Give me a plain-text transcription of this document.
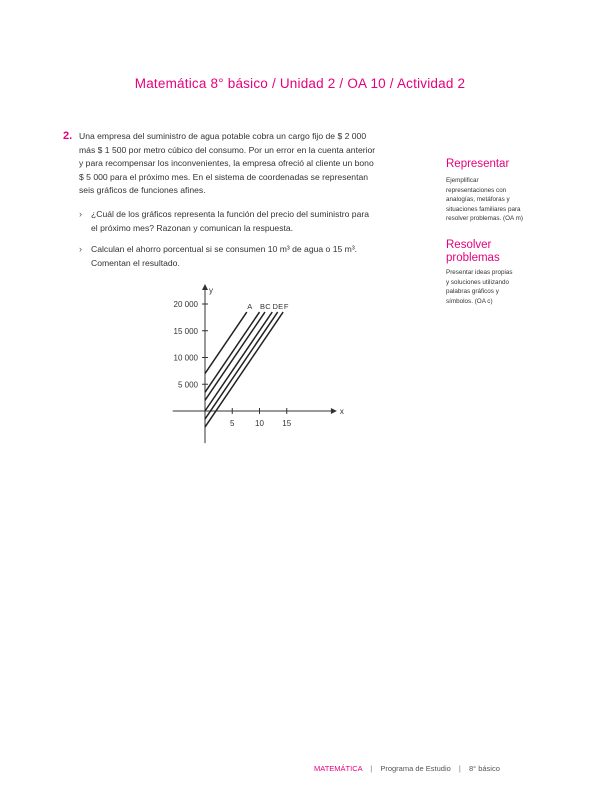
Matemática 8° básico / Unidad 2 / OA 10 / Actividad 2
2. Una empresa del suministro de agua potable cobra un cargo fijo de $ 2 000
más $ 1 500 por metro cúbico del consumo. Por un error en la cuenta anterior
y para recompensar los inconvenientes, la empresa ofreció al cliente un bono
$ 5 000 para el próximo mes. En el sistema de coordenadas se representan
seis gráficos de funciones afines.
› ¿Cuál de los gráficos representa la función del precio del suministro para
el próximo mes? Razonan y comunican la respuesta.
› Calculan el ahorro porcentual si se consumen 10 m³ de agua o 15 m³.
Comentan el resultado.
Representar
Ejemplificar
representaciones con
analogías, metáforas y
situaciones familiares para
resolver problemas. (OA m)
Resolver
problemas
Presentar ideas propias
y soluciones utilizando
palabras gráficos y
símbolos. (OA c)
x
y
5	10 15
5 000
10 000
15 000
20 000	A B C D E F
MATEMÁTICA | Programa de Estudio | 8° básico
